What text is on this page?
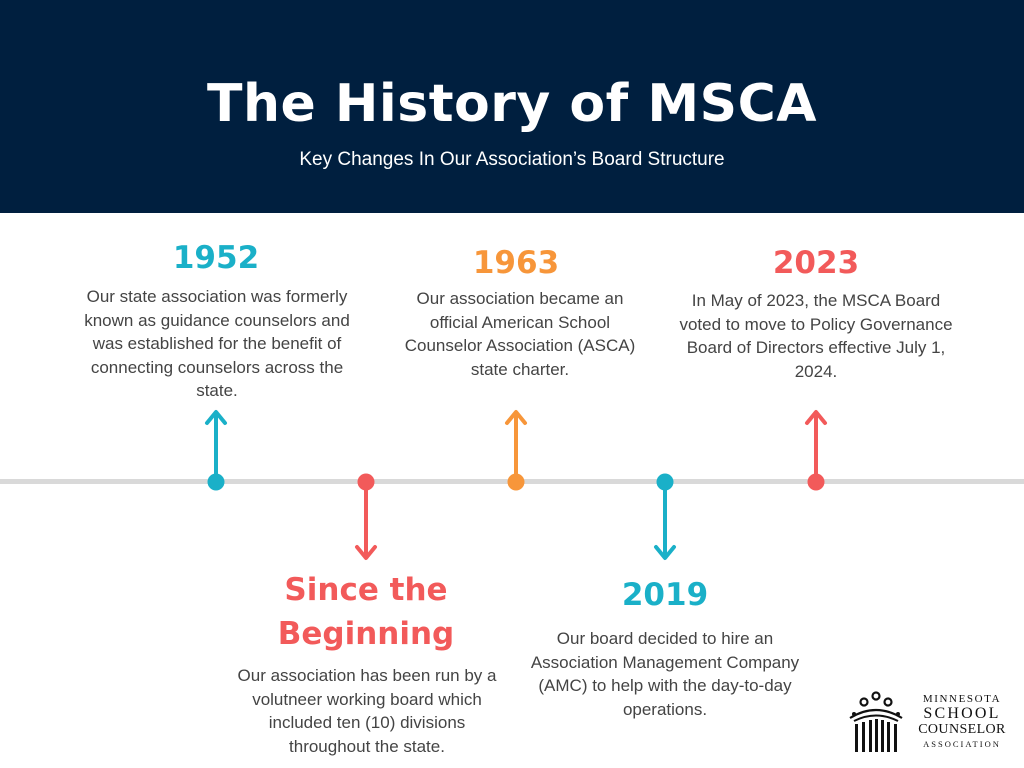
The History of MSCA
Key Changes In Our Association’s Board Structure
1952

Our state association was formerly known as guidance counselors and was established for the benefit of connecting counselors across the state.

Since the Beginning

Our association has been run by a volutneer working board which included ten (10) divisions throughout the state.

1963

Our association became an official American School Counselor Association (ASCA) state charter.

2019

Our board decided to hire an Association Management Company (AMC) to help with the day-to-day operations.

2023

In May of 2023, the MSCA Board voted to move to Policy Governance Board of Directors effective July 1, 2024.

MINNESOTA
SCHOOL
COUNSELOR
ASSOCIATION
